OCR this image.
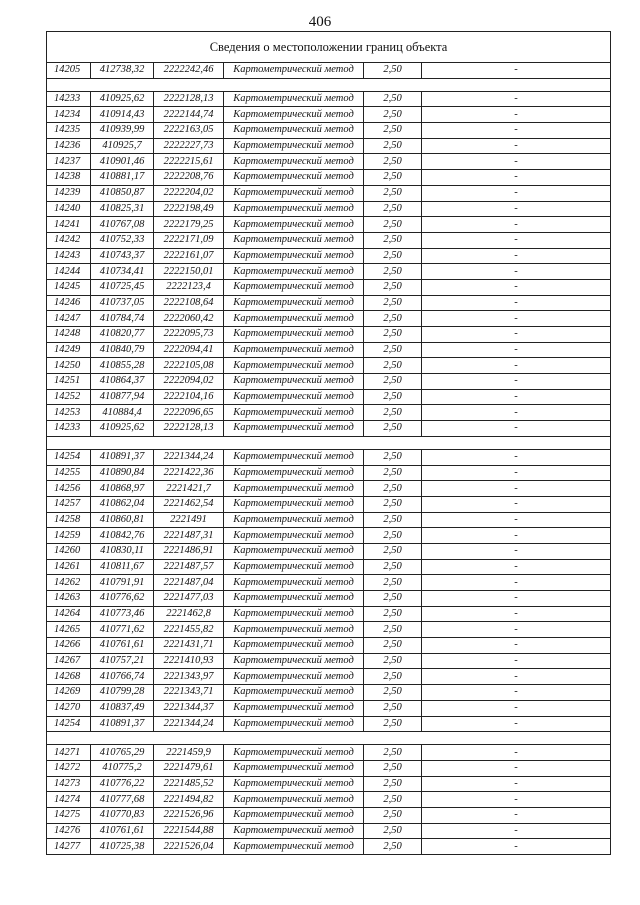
406
Сведения о местоположении границ объекта					
14205	412738,32	2222242,46	Картометрический метод	2,50	-

14233	410925,62	2222128,13	Картометрический метод	2,50	-
14234	410914,43	2222144,74	Картометрический метод	2,50	-
14235	410939,99	2222163,05	Картометрический метод	2,50	-
14236	410925,7	2222227,73	Картометрический метод	2,50	-
14237	410901,46	2222215,61	Картометрический метод	2,50	-
14238	410881,17	2222208,76	Картометрический метод	2,50	-
14239	410850,87	2222204,02	Картометрический метод	2,50	-
14240	410825,31	2222198,49	Картометрический метод	2,50	-
14241	410767,08	2222179,25	Картометрический метод	2,50	-
14242	410752,33	2222171,09	Картометрический метод	2,50	-
14243	410743,37	2222161,07	Картометрический метод	2,50	-
14244	410734,41	2222150,01	Картометрический метод	2,50	-
14245	410725,45	2222123,4	Картометрический метод	2,50	-
14246	410737,05	2222108,64	Картометрический метод	2,50	-
14247	410784,74	2222060,42	Картометрический метод	2,50	-
14248	410820,77	2222095,73	Картометрический метод	2,50	-
14249	410840,79	2222094,41	Картометрический метод	2,50	-
14250	410855,28	2222105,08	Картометрический метод	2,50	-
14251	410864,37	2222094,02	Картометрический метод	2,50	-
14252	410877,94	2222104,16	Картометрический метод	2,50	-
14253	410884,4	2222096,65	Картометрический метод	2,50	-
14233	410925,62	2222128,13	Картометрический метод	2,50	-

14254	410891,37	2221344,24	Картометрический метод	2,50	-
14255	410890,84	2221422,36	Картометрический метод	2,50	-
14256	410868,97	2221421,7	Картометрический метод	2,50	-
14257	410862,04	2221462,54	Картометрический метод	2,50	-
14258	410860,81	2221491	Картометрический метод	2,50	-
14259	410842,76	2221487,31	Картометрический метод	2,50	-
14260	410830,11	2221486,91	Картометрический метод	2,50	-
14261	410811,67	2221487,57	Картометрический метод	2,50	-
14262	410791,91	2221487,04	Картометрический метод	2,50	-
14263	410776,62	2221477,03	Картометрический метод	2,50	-
14264	410773,46	2221462,8	Картометрический метод	2,50	-
14265	410771,62	2221455,82	Картометрический метод	2,50	-
14266	410761,61	2221431,71	Картометрический метод	2,50	-
14267	410757,21	2221410,93	Картометрический метод	2,50	-
14268	410766,74	2221343,97	Картометрический метод	2,50	-
14269	410799,28	2221343,71	Картометрический метод	2,50	-
14270	410837,49	2221344,37	Картометрический метод	2,50	-
14254	410891,37	2221344,24	Картометрический метод	2,50	-

14271	410765,29	2221459,9	Картометрический метод	2,50	-
14272	410775,2	2221479,61	Картометрический метод	2,50	-
14273	410776,22	2221485,52	Картометрический метод	2,50	-
14274	410777,68	2221494,82	Картометрический метод	2,50	-
14275	410770,83	2221526,96	Картометрический метод	2,50	-
14276	410761,61	2221544,88	Картометрический метод	2,50	-
14277	410725,38	2221526,04	Картометрический метод	2,50	-
